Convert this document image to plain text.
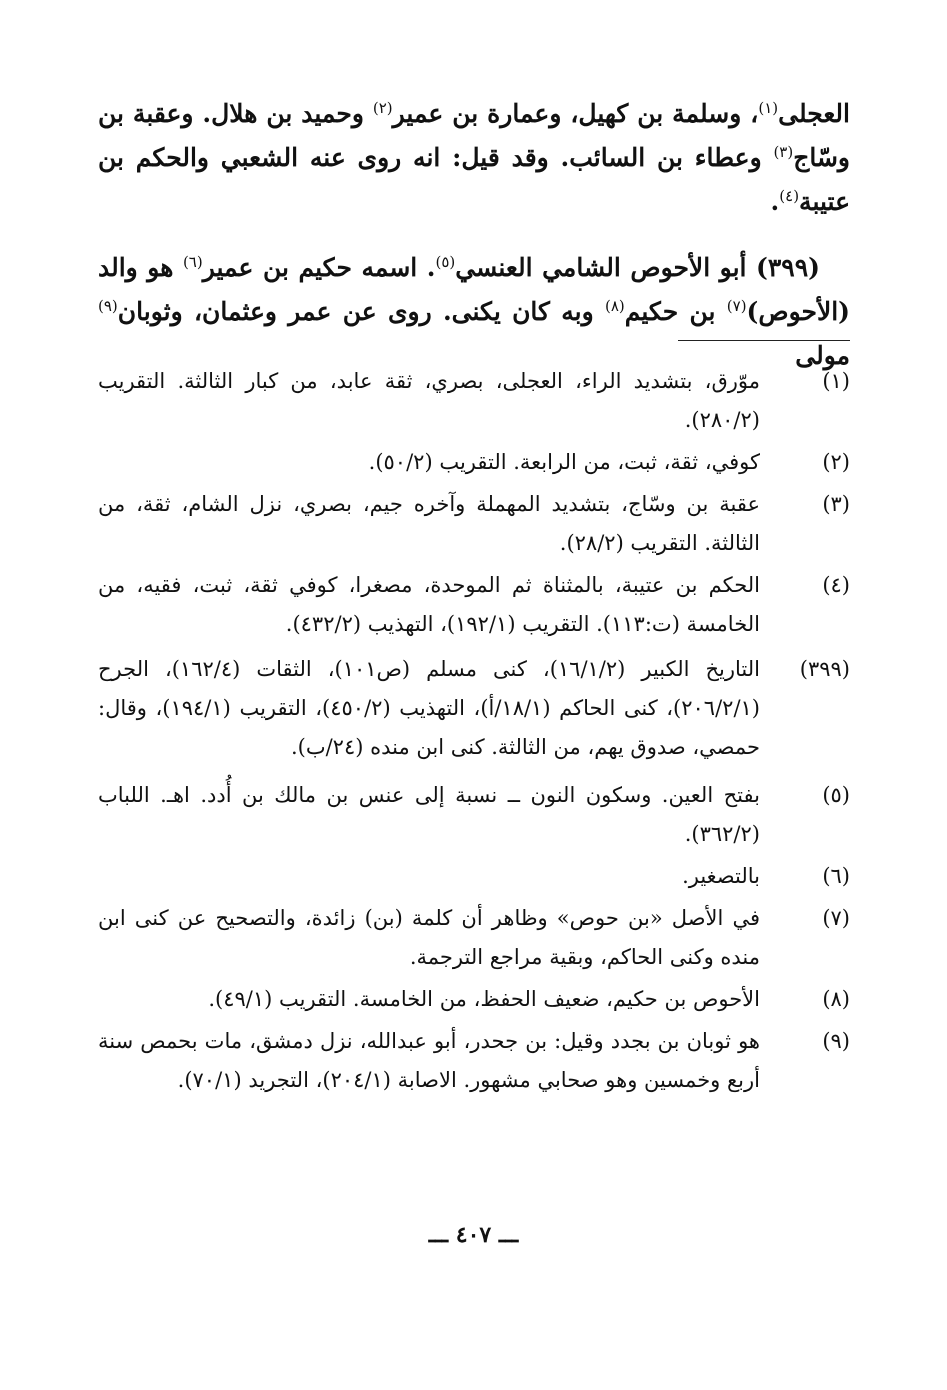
العجلى$^{(١)}$، وسلمة بن كهيل، وعمارة بن عمير$^{(٢)}$ وحميد بن هلال. وعقبة بن وسّاج$^{(٣)}$ وعطاء بن السائب. وقد قيل: انه روى عنه الشعبي والحكم بن عتيبة$^{(٤)}$.

(٣٩٩) أبو الأحوص الشامي العنسي$^{(٥)}$. اسمه حكيم بن عمير$^{(٦)}$ هو والد (الأحوص)$^{(٧)}$ بن حكيم$^{(٨)}$ وبه كان يكنى. روى عن عمر وعثمان، وثوبان$^{(٩)}$ مولى

(١)
موّرق، بتشديد الراء، العجلى، بصري، ثقة عابد، من كبار الثالثة. التقريب (٢٨٠/٢).
(٢)
كوفي، ثقة، ثبت، من الرابعة. التقريب (٥٠/٢).
(٣)
عقبة بن وسّاج، بتشديد المهملة وآخره جيم، بصري، نزل الشام، ثقة، من الثالثة. التقريب (٢٨/٢).
(٤)
الحكم بن عتيبة، بالمثناة ثم الموحدة، مصغرا، كوفي ثقة، ثبت، فقيه، من الخامسة (ت:١١٣). التقريب (١٩٢/١)، التهذيب (٤٣٢/٢).
(٣٩٩)
التاريخ الكبير (١٦/١/٢)، كنى مسلم (ص١٠١)، الثقات (١٦٢/٤)، الجرح (٢٠٦/٢/١)، كنى الحاكم (١٨/١/أ)، التهذيب (٤٥٠/٢)، التقريب (١٩٤/١)، وقال: حمصي، صدوق يهم، من الثالثة. كنى ابن منده (٢٤/ب).
(٥)
بفتح العين. وسكون النون ــ نسبة إلى عنس بن مالك بن أُدد. اهـ. اللباب (٣٦٢/٢).
(٦)
بالتصغير.
(٧)
في الأصل «بن حوص» وظاهر أن كلمة (بن) زائدة، والتصحيح عن كنى ابن منده وكنى الحاكم، وبقية مراجع الترجمة.
(٨)
الأحوص بن حكيم، ضعيف الحفظ، من الخامسة. التقريب (٤٩/١).
(٩)
هو ثوبان بن بجدد وقيل: بن جحدر، أبو عبدالله، نزل دمشق، مات بحمص سنة أربع وخمسين وهو صحابي مشهور. الاصابة (٢٠٤/١)، التجريد (٧٠/١).
ـــ ٤٠٧ ـــ
